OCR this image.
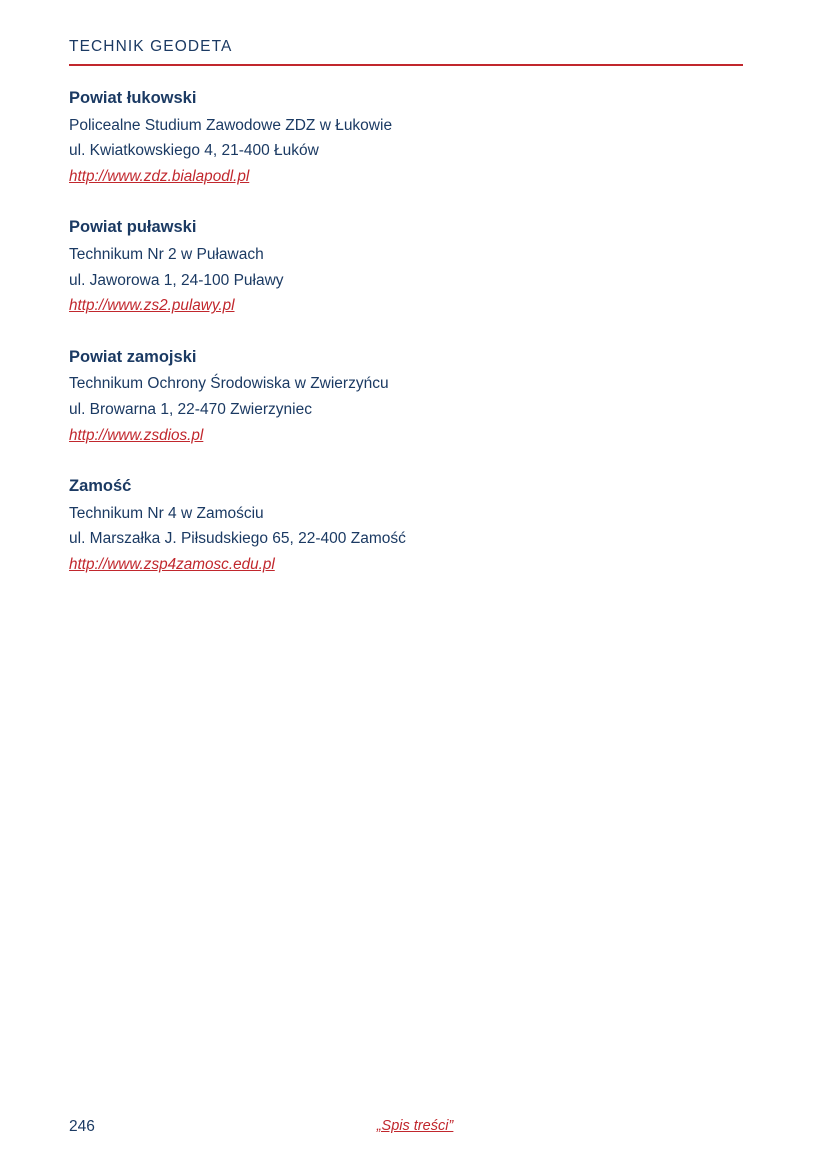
TECHNIK GEODETA
Powiat łukowski
Policealne Studium Zawodowe ZDZ w Łukowie
ul. Kwiatkowskiego 4, 21-400 Łuków
http://www.zdz.bialapodl.pl
Powiat puławski
Technikum Nr 2 w Puławach
ul. Jaworowa 1, 24-100 Puławy
http://www.zs2.pulawy.pl
Powiat zamojski
Technikum Ochrony Środowiska w Zwierzyńcu
ul. Browarna 1, 22-470 Zwierzyniec
http://www.zsdios.pl
Zamość
Technikum Nr 4 w Zamościu
ul. Marszałka J. Piłsudskiego 65, 22-400 Zamość
http://www.zsp4zamosc.edu.pl
246	„Spis treści”
